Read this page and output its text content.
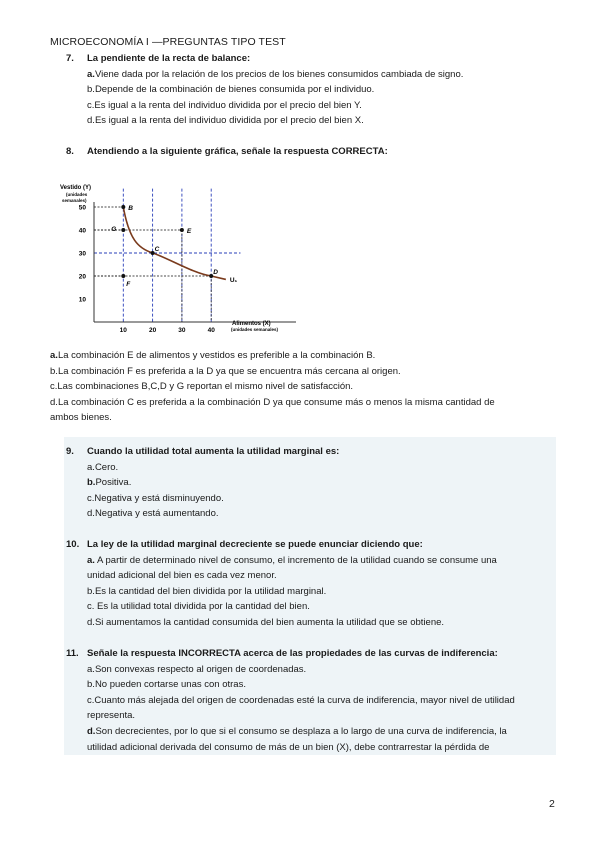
MICROECONOMÍA I —PREGUNTAS TIPO TEST
7. La pendiente de la recta de balance:
a.Viene dada por la relación de los precios de los bienes consumidos cambiada de signo.
b.Depende de la combinación de bienes consumida por el individuo.
c.Es igual a la renta del individuo dividida por el precio del bien Y.
d.Es igual a la renta del individuo dividida por el precio del bien X.
8. Atendiendo a la siguiente gráfica, señale la respuesta CORRECTA:
Vestido (Y)
(unidades
semanales)
10	20	30	40
10
20
30
40
50	B
G	E
C
D
F
U₁
Alimentos (X)
(unidades semanales)
a.La combinación E de alimentos y vestidos es preferible a la combinación B.
b.La combinación F es preferida a la D ya que se encuentra más cercana al origen.
c.Las combinaciones B,C,D y G reportan el mismo nivel de satisfacción.
d.La combinación C es preferida a la combinación D ya que consume más o menos la misma cantidad de
ambos bienes.
9. Cuando la utilidad total aumenta la utilidad marginal es:
a.Cero.
b.Positiva.
c.Negativa y está disminuyendo.
d.Negativa y está aumentando.
10. La ley de la utilidad marginal decreciente se puede enunciar diciendo que:
a. A partir de determinado nivel de consumo, el incremento de la utilidad cuando se consume una
unidad adicional del bien es cada vez menor.
b.Es la cantidad del bien dividida por la utilidad marginal.
c. Es la utilidad total dividida por la cantidad del bien.
d.Si aumentamos la cantidad consumida del bien aumenta la utilidad que se obtiene.
11. Señale la respuesta INCORRECTA acerca de las propiedades de las curvas de indiferencia:
a.Son convexas respecto al origen de coordenadas.
b.No pueden cortarse unas con otras.
c.Cuanto más alejada del origen de coordenadas esté la curva de indiferencia, mayor nivel de utilidad
representa.
d.Son decrecientes, por lo que si el consumo se desplaza a lo largo de una curva de indiferencia, la
utilidad adicional derivada del consumo de más de un bien (X), debe contrarrestar la pérdida de
2
